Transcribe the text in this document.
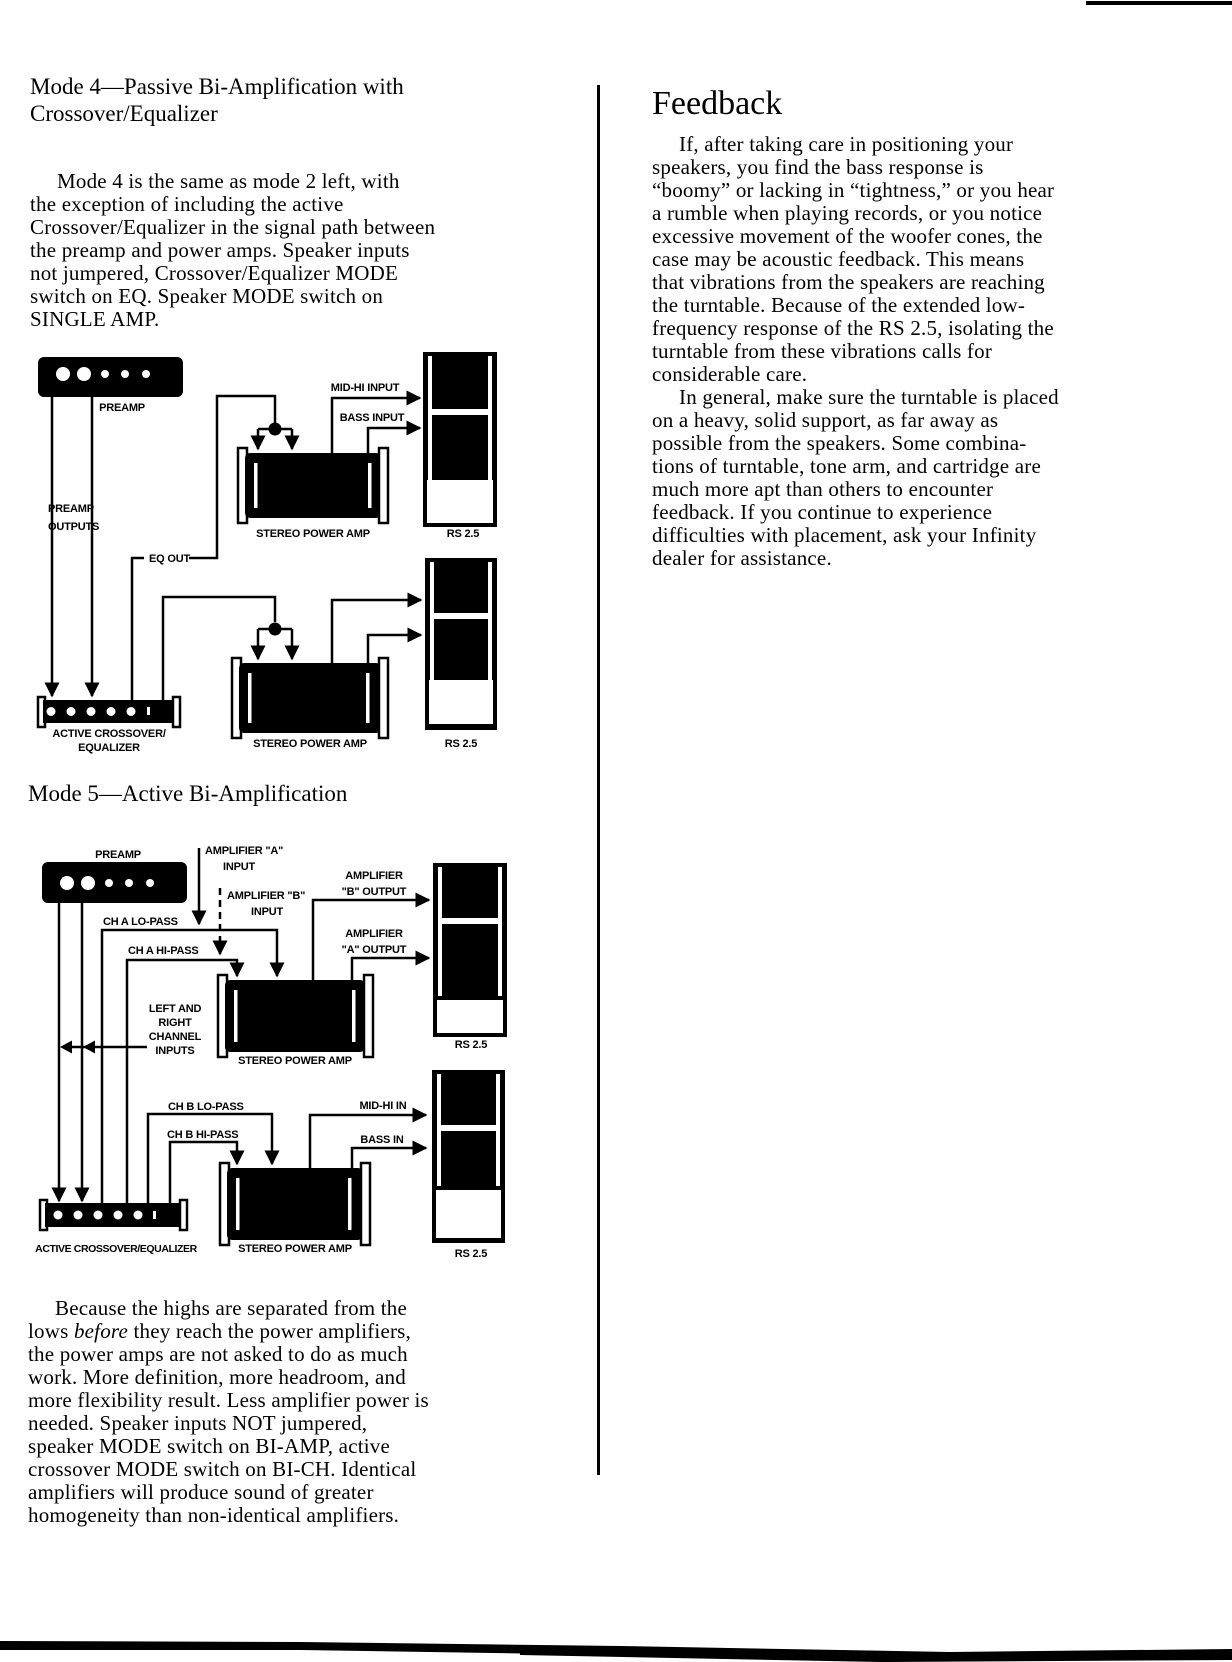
Mode 4—Passive Bi-Amplification with
Crossover/Equalizer
Mode 4 is the same as mode 2 left, with
the exception of including the active
Crossover/Equalizer in the signal path between
the preamp and power amps. Speaker inputs
not jumpered, Crossover/Equalizer MODE
switch on EQ. Speaker MODE switch on
SINGLE AMP.
PREAMP
PREAMP
OUTPUTS
EQ OUT
STEREO POWER AMP
MID-HI INPUT
BASS INPUT
RS 2.5
STEREO POWER AMP	RS 2.5
ACTIVE CROSSOVER/
EQUALIZER
Mode 5—Active Bi-Amplification
PREAMP
CH A LO-PASS
CH A HI-PASS
CH B LO-PASS
CH B HI-PASS
AMPLIFIER "A"
INPUT
AMPLIFIER "B"
INPUT
STEREO POWER AMP
AMPLIFIER
"B" OUTPUT
AMPLIFIER
"A" OUTPUT
RS 2.5
LEFT AND
RIGHT
CHANNEL
INPUTS
STEREO POWER AMP
MID-HI IN
BASS IN
RS 2.5
ACTIVE CROSSOVER/EQUALIZER
Because the highs are separated from the
lows before they reach the power amplifiers,
the power amps are not asked to do as much
work. More definition, more headroom, and
more flexibility result. Less amplifier power is
needed. Speaker inputs NOT jumpered,
speaker MODE switch on BI-AMP, active
crossover MODE switch on BI-CH. Identical
amplifiers will produce sound of greater
homogeneity than non-identical amplifiers.
Feedback
If, after taking care in positioning your
speakers, you find the bass response is
“boomy” or lacking in “tightness,” or you hear
a rumble when playing records, or you notice
excessive movement of the woofer cones, the
case may be acoustic feedback. This means
that vibrations from the speakers are reaching
the turntable. Because of the extended low-
frequency response of the RS 2.5, isolating the
turntable from these vibrations calls for
considerable care.
In general, make sure the turntable is placed
on a heavy, solid support, as far away as
possible from the speakers. Some combina-
tions of turntable, tone arm, and cartridge are
much more apt than others to encounter
feedback. If you continue to experience
difficulties with placement, ask your Infinity
dealer for assistance.
